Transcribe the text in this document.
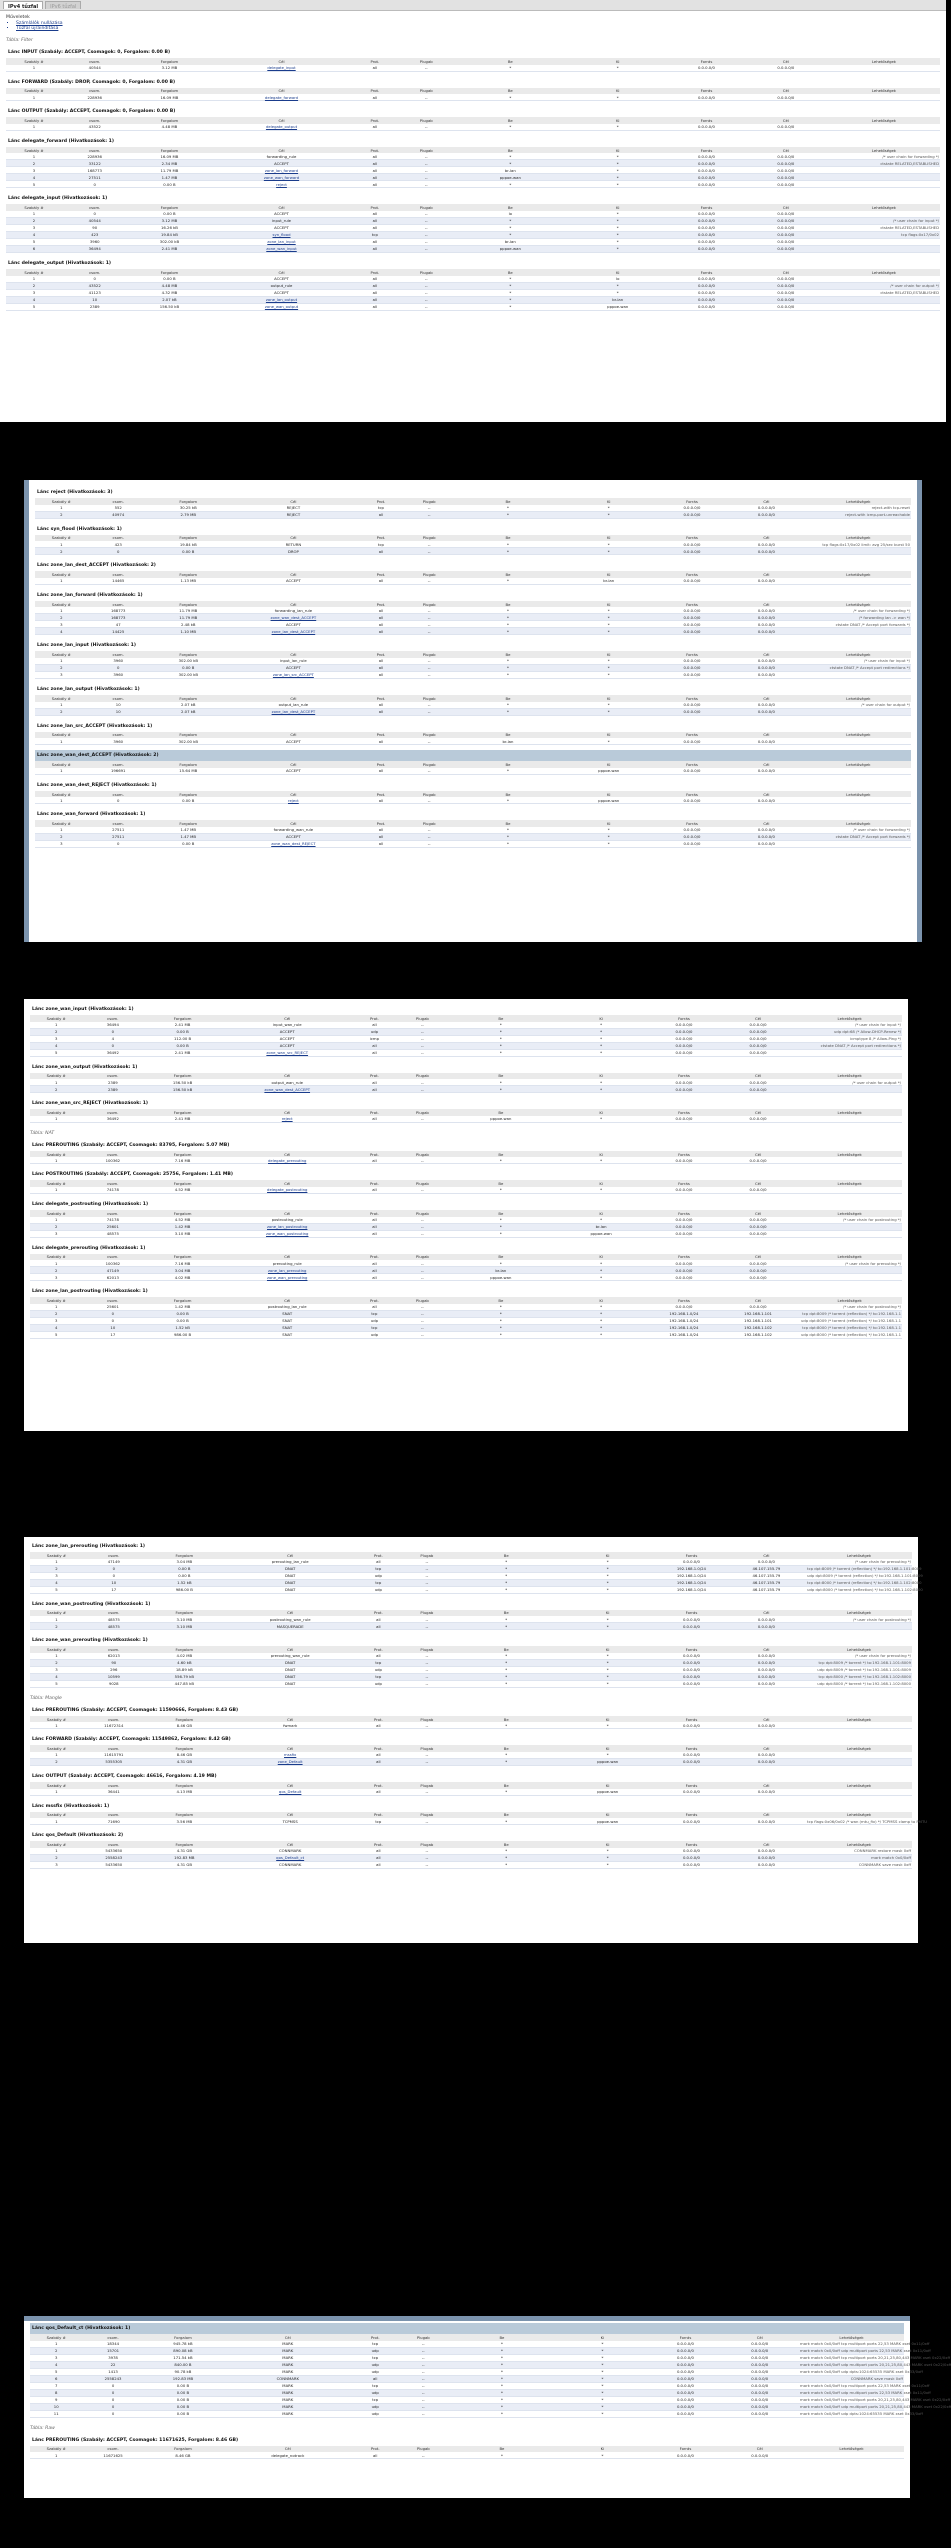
IPv4 tűzfal	IPv6 tűzfal
Műveletek
▪ Számlálók nullázása
▪ Tűzfal újraindítása
Tábla: Filter
Lánc INPUT (Szabály: ACCEPT, Csomagok: 0, Forgalom: 0.00 B)
Szabály #	csom.	Forgalom	Cél	Prot.	Plugab	Be	Ki	Forrás	Cél	Lehetőségek
1	40544	3.12 MB	delegate_input	all	--	*	*	0.0.0.0/0	0.0.0.0/0	
Lánc FORWARD (Szabály: DROP, Csomagok: 0, Forgalom: 0.00 B)
Szabály #	csom.	Forgalom	Cél	Prot.	Plugab	Be	Ki	Forrás	Cél	Lehetőségek
1	228936	16.09 MB	delegate_forward	all	--	*	*	0.0.0.0/0	0.0.0.0/0	
Lánc OUTPUT (Szabály: ACCEPT, Csomagok: 0, Forgalom: 0.00 B)
Szabály #	csom.	Forgalom	Cél	Prot.	Plugab	Be	Ki	Forrás	Cél	Lehetőségek
1	43522	4.48 MB	delegate_output	all	--	*	*	0.0.0.0/0	0.0.0.0/0	
Lánc delegate_forward (Hivatkozások: 1)
Szabály #	csom.	Forgalom	Cél	Prot.	Plugab	Be	Ki	Forrás	Cél	Lehetőségek
1	228936	16.09 MB	forwarding_rule	all	--	*	*	0.0.0.0/0	0.0.0.0/0	/* user chain for forwarding */
2	33122	2.34 MB	ACCEPT	all	--	*	*	0.0.0.0/0	0.0.0.0/0	ctstate RELATED,ESTABLISHED
3	168773	11.79 MB	zone_lan_forward	all	--	br-lan	*	0.0.0.0/0	0.0.0.0/0	
4	27511	1.47 MB	zone_wan_forward	all	--	pppoe-wan	*	0.0.0.0/0	0.0.0.0/0	
5	0	0.00 B	reject	all	--	*	*	0.0.0.0/0	0.0.0.0/0	
Lánc delegate_input (Hivatkozások: 1)
Szabály #	csom.	Forgalom	Cél	Prot.	Plugab	Be	Ki	Forrás	Cél	Lehetőségek
1	0	0.00 B	ACCEPT	all	--	lo	*	0.0.0.0/0	0.0.0.0/0	
2	40544	3.12 MB	input_rule	all	--	*	*	0.0.0.0/0	0.0.0.0/0	/* user chain for input */
3	90	16.26 kB	ACCEPT	all	--	*	*	0.0.0.0/0	0.0.0.0/0	ctstate RELATED,ESTABLISHED
4	423	19.84 kB	syn_flood	tcp	--	*	*	0.0.0.0/0	0.0.0.0/0	tcp flags:0x17/0x02
5	3960	302.00 kB	zone_lan_input	all	--	br-lan	*	0.0.0.0/0	0.0.0.0/0	
6	36494	2.41 MB	zone_wan_input	all	--	pppoe-wan	*	0.0.0.0/0	0.0.0.0/0	
Lánc delegate_output (Hivatkozások: 1)
Szabály #	csom.	Forgalom	Cél	Prot.	Plugab	Be	Ki	Forrás	Cél	Lehetőségek
1	0	0.00 B	ACCEPT	all	--	*	lo	0.0.0.0/0	0.0.0.0/0	
2	43522	4.48 MB	output_rule	all	--	*	*	0.0.0.0/0	0.0.0.0/0	/* user chain for output */
3	41123	4.32 MB	ACCEPT	all	--	*	*	0.0.0.0/0	0.0.0.0/0	ctstate RELATED,ESTABLISHED
4	10	2.07 kB	zone_lan_output	all	--	*	br-lan	0.0.0.0/0	0.0.0.0/0	
5	2389	156.50 kB	zone_wan_output	all	--	*	pppoe-wan	0.0.0.0/0	0.0.0.0/0	
Lánc reject (Hivatkozások: 3)
Szabály #	csom.	Forgalom	Cél	Prot.	Plugab	Be	Ki	Forrás	Cél	Lehetőségek
1	552	30.25 kB	REJECT	tcp	--	*	*	0.0.0.0/0	0.0.0.0/0	reject-with tcp-reset
2	40974	2.79 MB	REJECT	all	--	*	*	0.0.0.0/0	0.0.0.0/0	reject-with icmp-port-unreachable
Lánc syn_flood (Hivatkozások: 1)
Szabály #	csom.	Forgalom	Cél	Prot.	Plugab	Be	Ki	Forrás	Cél	Lehetőségek
1	423	19.84 kB	RETURN	tcp	--	*	*	0.0.0.0/0	0.0.0.0/0	tcp flags:0x17/0x02 limit: avg 25/sec burst 50
2	0	0.00 B	DROP	all	--	*	*	0.0.0.0/0	0.0.0.0/0	
Lánc zone_lan_dest_ACCEPT (Hivatkozások: 2)
Szabály #	csom.	Forgalom	Cél	Prot.	Plugab	Be	Ki	Forrás	Cél	Lehetőségek
1	14465	1.13 MB	ACCEPT	all	--	*	br-lan	0.0.0.0/0	0.0.0.0/0	
Lánc zone_lan_forward (Hivatkozások: 1)
Szabály #	csom.	Forgalom	Cél	Prot.	Plugab	Be	Ki	Forrás	Cél	Lehetőségek
1	168773	11.79 MB	forwarding_lan_rule	all	--	*	*	0.0.0.0/0	0.0.0.0/0	/* user chain for forwarding */
2	168773	11.79 MB	zone_wan_dest_ACCEPT	all	--	*	*	0.0.0.0/0	0.0.0.0/0	/* forwarding lan -> wan */
3	47	2.48 kB	ACCEPT	all	--	*	*	0.0.0.0/0	0.0.0.0/0	ctstate DNAT /* Accept port forwards */
4	14425	1.10 MB	zone_lan_dest_ACCEPT	all	--	*	*	0.0.0.0/0	0.0.0.0/0	
Lánc zone_lan_input (Hivatkozások: 1)
Szabály #	csom.	Forgalom	Cél	Prot.	Plugab	Be	Ki	Forrás	Cél	Lehetőségek
1	3960	302.00 kB	input_lan_rule	all	--	*	*	0.0.0.0/0	0.0.0.0/0	/* user chain for input */
2	0	0.00 B	ACCEPT	all	--	*	*	0.0.0.0/0	0.0.0.0/0	ctstate DNAT /* Accept port redirections */
3	3960	302.00 kB	zone_lan_src_ACCEPT	all	--	*	*	0.0.0.0/0	0.0.0.0/0	
Lánc zone_lan_output (Hivatkozások: 1)
Szabály #	csom.	Forgalom	Cél	Prot.	Plugab	Be	Ki	Forrás	Cél	Lehetőségek
1	10	2.07 kB	output_lan_rule	all	--	*	*	0.0.0.0/0	0.0.0.0/0	/* user chain for output */
2	10	2.07 kB	zone_lan_dest_ACCEPT	all	--	*	*	0.0.0.0/0	0.0.0.0/0	
Lánc zone_lan_src_ACCEPT (Hivatkozások: 1)
Szabály #	csom.	Forgalom	Cél	Prot.	Plugab	Be	Ki	Forrás	Cél	Lehetőségek
1	3960	302.00 kB	ACCEPT	all	--	br-lan	*	0.0.0.0/0	0.0.0.0/0	
Lánc zone_wan_dest_ACCEPT (Hivatkozások: 2)
Szabály #	csom.	Forgalom	Cél	Prot.	Plugab	Be	Ki	Forrás	Cél	Lehetőségek
1	196691	15.64 MB	ACCEPT	all	--	*	pppoe-wan	0.0.0.0/0	0.0.0.0/0	
Lánc zone_wan_dest_REJECT (Hivatkozások: 1)
Szabály #	csom.	Forgalom	Cél	Prot.	Plugab	Be	Ki	Forrás	Cél	Lehetőségek
1	0	0.00 B	reject	all	--	*	pppoe-wan	0.0.0.0/0	0.0.0.0/0	
Lánc zone_wan_forward (Hivatkozások: 1)
Szabály #	csom.	Forgalom	Cél	Prot.	Plugab	Be	Ki	Forrás	Cél	Lehetőségek
1	27511	1.47 MB	forwarding_wan_rule	all	--	*	*	0.0.0.0/0	0.0.0.0/0	/* user chain for forwarding */
2	27511	1.47 MB	ACCEPT	all	--	*	*	0.0.0.0/0	0.0.0.0/0	ctstate DNAT /* Accept port forwards */
3	0	0.00 B	zone_wan_dest_REJECT	all	--	*	*	0.0.0.0/0	0.0.0.0/0	
Lánc zone_wan_input (Hivatkozások: 1)
Szabály #	csom.	Forgalom	Cél	Prot.	Plugab	Be	Ki	Forrás	Cél	Lehetőségek
1	36494	2.41 MB	input_wan_rule	all	--	*	*	0.0.0.0/0	0.0.0.0/0	/* user chain for input */
2	0	0.00 B	ACCEPT	udp	--	*	*	0.0.0.0/0	0.0.0.0/0	udp dpt:68 /* Allow-DHCP-Renew */
3	4	112.00 B	ACCEPT	icmp	--	*	*	0.0.0.0/0	0.0.0.0/0	icmptype 8 /* Allow-Ping */
4	0	0.00 B	ACCEPT	all	--	*	*	0.0.0.0/0	0.0.0.0/0	ctstate DNAT /* Accept port redirections */
5	36492	2.41 MB	zone_wan_src_REJECT	all	--	*	*	0.0.0.0/0	0.0.0.0/0	
Lánc zone_wan_output (Hivatkozások: 1)
Szabály #	csom.	Forgalom	Cél	Prot.	Plugab	Be	Ki	Forrás	Cél	Lehetőségek
1	2389	156.50 kB	output_wan_rule	all	--	*	*	0.0.0.0/0	0.0.0.0/0	/* user chain for output */
2	2389	156.50 kB	zone_wan_dest_ACCEPT	all	--	*	*	0.0.0.0/0	0.0.0.0/0	
Lánc zone_wan_src_REJECT (Hivatkozások: 1)
Szabály #	csom.	Forgalom	Cél	Prot.	Plugab	Be	Ki	Forrás	Cél	Lehetőségek
1	36492	2.41 MB	reject	all	--	pppoe-wan	*	0.0.0.0/0	0.0.0.0/0	
Tábla: NAT
Lánc PREROUTING (Szabály: ACCEPT, Csomagok: 83795, Forgalom: 5.07 MB)
Szabály #	csom.	Forgalom	Cél	Prot.	Plugab	Be	Ki	Forrás	Cél	Lehetőségek
1	100362	7.16 MB	delegate_prerouting	all	--	*	*	0.0.0.0/0	0.0.0.0/0	
Lánc POSTROUTING (Szabály: ACCEPT, Csomagok: 25756, Forgalom: 1.41 MB)
Szabály #	csom.	Forgalom	Cél	Prot.	Plugab	Be	Ki	Forrás	Cél	Lehetőségek
1	74178	4.52 MB	delegate_postrouting	all	--	*	*	0.0.0.0/0	0.0.0.0/0	
Lánc delegate_postrouting (Hivatkozások: 1)
Szabály #	csom.	Forgalom	Cél	Prot.	Plugab	Be	Ki	Forrás	Cél	Lehetőségek
1	74178	4.52 MB	postrouting_rule	all	--	*	*	0.0.0.0/0	0.0.0.0/0	/* user chain for postrouting */
2	25601	1.42 MB	zone_lan_postrouting	all	--	*	br-lan	0.0.0.0/0	0.0.0.0/0	
3	48575	3.10 MB	zone_wan_postrouting	all	--	*	pppoe-wan	0.0.0.0/0	0.0.0.0/0	
Lánc delegate_prerouting (Hivatkozások: 1)
Szabály #	csom.	Forgalom	Cél	Prot.	Plugab	Be	Ki	Forrás	Cél	Lehetőségek
1	100362	7.16 MB	prerouting_rule	all	--	*	*	0.0.0.0/0	0.0.0.0/0	/* user chain for prerouting */
2	47149	3.04 MB	zone_lan_prerouting	all	--	br-lan	*	0.0.0.0/0	0.0.0.0/0	
3	62013	4.02 MB	zone_wan_prerouting	all	--	pppoe-wan	*	0.0.0.0/0	0.0.0.0/0	
Lánc zone_lan_postrouting (Hivatkozások: 1)
Szabály #	csom.	Forgalom	Cél	Prot.	Plugab	Be	Ki	Forrás	Cél	Lehetőségek
1	25601	1.42 MB	postrouting_lan_rule	all	--	*	*	0.0.0.0/0	0.0.0.0/0	/* user chain for postrouting */
2	0	0.00 B	SNAT	tcp	--	*	*	192.168.1.0/24	192.168.1.101	tcp dpt:8009 /* torrent (reflection) */ to:192.168.1.1
3	0	0.00 B	SNAT	udp	--	*	*	192.168.1.0/24	192.168.1.101	udp dpt:8009 /* torrent (reflection) */ to:192.168.1.1
4	10	1.52 kB	SNAT	tcp	--	*	*	192.168.1.0/24	192.168.1.102	tcp dpt:8000 /* torrent (reflection) */ to:192.168.1.1
5	17	986.00 B	SNAT	udp	--	*	*	192.168.1.0/24	192.168.1.102	udp dpt:8000 /* torrent (reflection) */ to:192.168.1.1
Lánc zone_lan_prerouting (Hivatkozások: 1)
Szabály #	csom.	Forgalom	Cél	Prot.	Plugab	Be	Ki	Forrás	Cél	Lehetőségek
1	47149	3.04 MB	prerouting_lan_rule	all	--	*	*	0.0.0.0/0	0.0.0.0/0	/* user chain for prerouting */
2	0	0.00 B	DNAT	tcp	--	*	*	192.168.1.0/24	46.107.155.79	tcp dpt:8009 /* torrent (reflection) */ to:192.168.1.101:8009
3	0	0.00 B	DNAT	udp	--	*	*	192.168.1.0/24	46.107.155.79	udp dpt:8009 /* torrent (reflection) */ to:192.168.1.101:8009
4	10	1.52 kB	DNAT	tcp	--	*	*	192.168.1.0/24	46.107.155.79	tcp dpt:8000 /* torrent (reflection) */ to:192.168.1.102:8000
5	17	986.00 B	DNAT	udp	--	*	*	192.168.1.0/24	46.107.155.79	udp dpt:8000 /* torrent (reflection) */ to:192.168.1.102:8000
Lánc zone_wan_postrouting (Hivatkozások: 1)
Szabály #	csom.	Forgalom	Cél	Prot.	Plugab	Be	Ki	Forrás	Cél	Lehetőségek
1	48575	3.10 MB	postrouting_wan_rule	all	--	*	*	0.0.0.0/0	0.0.0.0/0	/* user chain for postrouting */
2	48575	3.10 MB	MASQUERADE	all	--	*	*	0.0.0.0/0	0.0.0.0/0	
Lánc zone_wan_prerouting (Hivatkozások: 1)
Szabály #	csom.	Forgalom	Cél	Prot.	Plugab	Be	Ki	Forrás	Cél	Lehetőségek
1	62013	4.02 MB	prerouting_wan_rule	all	--	*	*	0.0.0.0/0	0.0.0.0/0	/* user chain for prerouting */
2	90	4.60 kB	DNAT	tcp	--	*	*	0.0.0.0/0	0.0.0.0/0	tcp dpt:8009 /* torrent */ to:192.168.1.101:8009
3	296	18.89 kB	DNAT	udp	--	*	*	0.0.0.0/0	0.0.0.0/0	udp dpt:8009 /* torrent */ to:192.168.1.101:8009
4	10599	556.79 kB	DNAT	tcp	--	*	*	0.0.0.0/0	0.0.0.0/0	tcp dpt:8000 /* torrent */ to:192.168.1.102:8000
5	9028	447.85 kB	DNAT	udp	--	*	*	0.0.0.0/0	0.0.0.0/0	udp dpt:8000 /* torrent */ to:192.168.1.102:8000
Tábla: Mangle
Lánc PREROUTING (Szabály: ACCEPT, Csomagok: 11590666, Forgalom: 8.43 GB)
Szabály #	csom.	Forgalom	Cél	Prot.	Plugab	Be	Ki	Forrás	Cél	Lehetőségek
1	11672314	8.46 GB	fwmark	all	--	*	*	0.0.0.0/0	0.0.0.0/0	
Lánc FORWARD (Szabály: ACCEPT, Csomagok: 11549862, Forgalom: 8.42 GB)
Szabály #	csom.	Forgalom	Cél	Prot.	Plugab	Be	Ki	Forrás	Cél	Lehetőségek
1	11615791	8.46 GB	mssfix	all	--	*	*	0.0.0.0/0	0.0.0.0/0	
2	5355305	4.31 GB	zone_Default	all	--	*	pppoe-wan	0.0.0.0/0	0.0.0.0/0	
Lánc OUTPUT (Szabály: ACCEPT, Csomagok: 46616, Forgalom: 4.19 MB)
Szabály #	csom.	Forgalom	Cél	Prot.	Plugab	Be	Ki	Forrás	Cél	Lehetőségek
1	36441	4.13 MB	qos_Default	all	--	*	pppoe-wan	0.0.0.0/0	0.0.0.0/0	
Lánc mssfix (Hivatkozások: 1)
Szabály #	csom.	Forgalom	Cél	Prot.	Plugab	Be	Ki	Forrás	Cél	Lehetőségek
1	71690	3.56 MB	TCPMSS	tcp	--	*	pppoe-wan	0.0.0.0/0	0.0.0.0/0	tcp flags:0x06/0x02 /* wan (mtu_fix) */ TCPMSS clamp to PMTU
Lánc qos_Default (Hivatkozások: 2)
Szabály #	csom.	Forgalom	Cél	Prot.	Plugab	Be	Ki	Forrás	Cél	Lehetőségek
1	5433650	4.31 GB	CONNMARK	all	--	*	*	0.0.0.0/0	0.0.0.0/0	CONNMARK restore mask 0xff
2	2558243	192.83 MB	qos_Default_ct	all	--	*	*	0.0.0.0/0	0.0.0.0/0	mark match 0x0/0xff
3	5433650	4.31 GB	CONNMARK	all	--	*	*	0.0.0.0/0	0.0.0.0/0	CONNMARK save mask 0xff
Lánc qos_Default_ct (Hivatkozások: 1)
Szabály #	csom.	Forgalom	Cél	Prot.	Plugab	Be	Ki	Forrás	Cél	Lehetőségek
1	18344	945.78 kB	MARK	tcp	--	*	*	0.0.0.0/0	0.0.0.0/0	mark match 0x0/0xff tcp multiport ports 22,53 MARK xset 0x11/0xff
2	15701	890.08 kB	MARK	udp	--	*	*	0.0.0.0/0	0.0.0.0/0	mark match 0x0/0xff udp multiport ports 22,53 MARK xset 0x11/0xff
3	3978	171.54 kB	MARK	tcp	--	*	*	0.0.0.0/0	0.0.0.0/0	mark match 0x0/0xff tcp multiport ports 20,21,25,80,443 MARK xset 0x22/0xff
4	22	840.00 B	MARK	udp	--	*	*	0.0.0.0/0	0.0.0.0/0	mark match 0x0/0xff udp multiport ports 20,21,25,80,443 MARK xset 0x22/0xff
5	1413	90.78 kB	MARK	udp	--	*	*	0.0.0.0/0	0.0.0.0/0	mark match 0x0/0xff udp dpts:1024:65535 MARK xset 0x33/0xff
6	2558243	192.83 MB	CONNMARK	all	--	*	*	0.0.0.0/0	0.0.0.0/0	CONNMARK save mask 0xff
7	0	0.00 B	MARK	tcp	--	*	*	0.0.0.0/0	0.0.0.0/0	mark match 0x0/0xff tcp multiport ports 22,53 MARK xset 0x11/0xff
8	0	0.00 B	MARK	udp	--	*	*	0.0.0.0/0	0.0.0.0/0	mark match 0x0/0xff udp multiport ports 22,53 MARK xset 0x11/0xff
9	0	0.00 B	MARK	tcp	--	*	*	0.0.0.0/0	0.0.0.0/0	mark match 0x0/0xff tcp multiport ports 20,21,25,80,443 MARK xset 0x22/0xff
10	0	0.00 B	MARK	udp	--	*	*	0.0.0.0/0	0.0.0.0/0	mark match 0x0/0xff udp multiport ports 20,21,25,80,443 MARK xset 0x22/0xff
11	0	0.00 B	MARK	udp	--	*	*	0.0.0.0/0	0.0.0.0/0	mark match 0x0/0xff udp dpts:1024:65535 MARK xset 0x33/0xff
Tábla: Raw
Lánc PREROUTING (Szabály: ACCEPT, Csomagok: 11671625, Forgalom: 8.46 GB)
Szabály #	csom.	Forgalom	Cél	Prot.	Plugab	Be	Ki	Forrás	Cél	Lehetőségek
1	11671625	8.46 GB	delegate_notrack	all	--	*	*	0.0.0.0/0	0.0.0.0/0	
